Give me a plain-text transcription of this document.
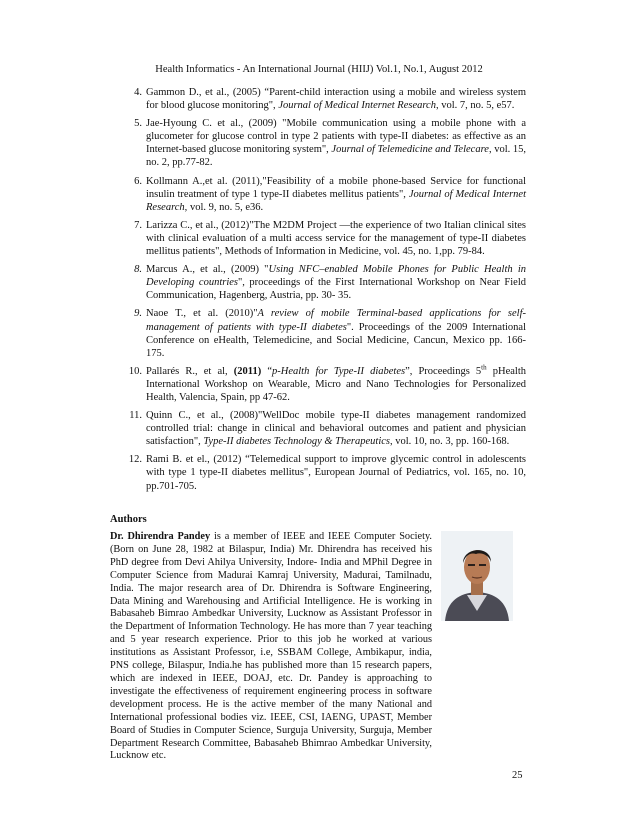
Health Informatics - An International Journal (HIIJ) Vol.1, No.1, August 2012
4. Gammon D., et al., (2005) “Parent-child interaction using a mobile and wireless system for blood glucose monitoring", Journal of Medical Internet Research, vol. 7, no. 5, e57.
5. Jae-Hyoung C. et al., (2009) "Mobile communication using a mobile phone with a glucometer for glucose control in type 2 patients with type-II diabetes: as effective as an Internet-based glucose monitoring system", Journal of Telemedicine and Telecare, vol. 15, no. 2, pp.77-82.
6. Kollmann A.,et al. (2011),"Feasibility of a mobile phone-based Service for functional insulin treatment of type 1 type-II diabetes mellitus patients", Journal of Medical Internet Research, vol. 9, no. 5, e36.
7. Larizza C., et al., (2012)"The M2DM Project —the experience of two Italian clinical sites with clinical evaluation of a multi access service for the management of type-II diabetes mellitus patients", Methods of Information in Medicine, vol. 45, no. 1,pp. 79-84.
8. Marcus A., et al., (2009) "Using NFC–enabled Mobile Phones for Public Health in Developing countries", proceedings of the First International Workshop on Near Field Communication, Hagenberg, Austria, pp. 30- 35.
9. Naoe T., et al. (2010)"A review of mobile Terminal-based applications for self-management of patients with type-II diabetes". Proceedings of the 2009 International Conference on eHealth, Telemedicine, and Social Medicine, Cancun, Mexico pp. 166-175.
10. Pallarés R., et al, (2011) “p-Health for Type-II diabetes”, Proceedings 5th pHealth International Workshop on Wearable, Micro and Nano Technologies for Personalized Health, Valencia, Spain, pp 47-62.
11. Quinn C., et al., (2008)"WellDoc mobile type-II diabetes management randomized controlled trial: change in clinical and behavioral outcomes and patient and physician satisfaction", Type-II diabetes Technology & Therapeutics, vol. 10, no. 3, pp. 160-168.
12. Rami B. et el., (2012) “Telemedical support to improve glycemic control in adolescents with type 1 type-II diabetes mellitus", European Journal of Pediatrics, vol. 165, no. 10, pp.701-705.
Authors
Dr. Dhirendra Pandey is a member of IEEE and IEEE Computer Society. (Born on June 28, 1982 at Bilaspur, India) Mr. Dhirendra has received his PhD degree from Devi Ahilya University, Indore- India and MPhil Degree in Computer Science from Madurai Kamraj University, Madurai, Tamilnadu, India. The major research area of Dr. Dhirendra is Software Engineering, Data Mining and Warehousing and Artificial Intelligence. He is working in Babasaheb Bimrao Ambedkar University, Lucknow as Assistant Professor in the Department of Information Technology. He has more than 7 year teaching and 5 year research experience. Prior to this job he worked at various institutions as Assistant Professor, i.e, SSBAM College, Ambikapur, india, PNS college, Bilaspur, India.he has published more than 15 research papers, which are indexed in IEEE, DOAJ, etc. Dr. Pandey is approaching to investigate the effectiveness of requirement engineering process in software development process. He is the active member of the many National and International professional bodies viz. IEEE, CSI, IAENG, UPAST, Member Board of Studies in Computer Science, Surguja University, Surguja, Member Department Research Committee, Babasaheb Bhimrao Ambedkar University, Lucknow etc.
25
